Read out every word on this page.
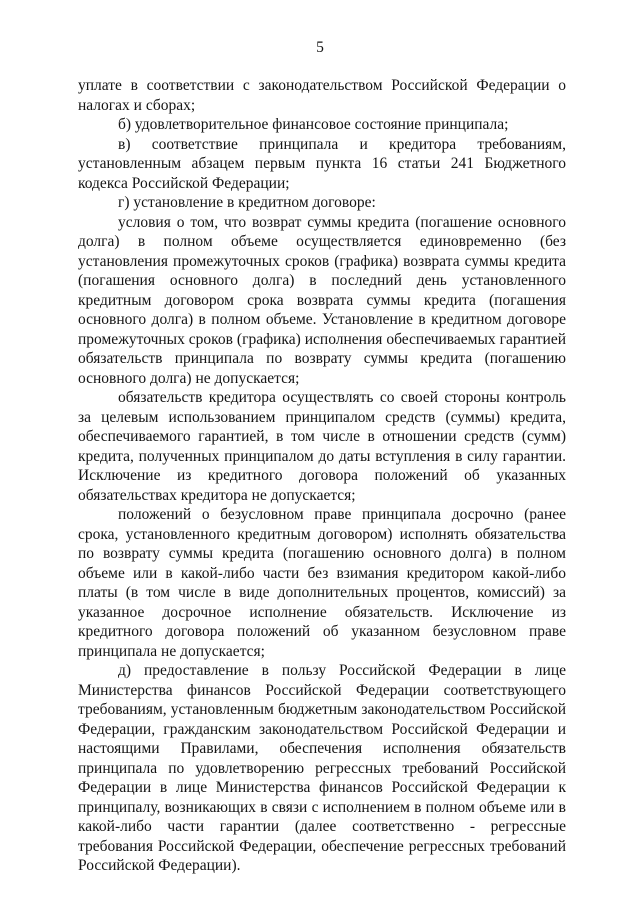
5

уплате в соответствии с законодательством Российской Федерации о налогах и сборах;

б) удовлетворительное финансовое состояние принципала;

в) соответствие принципала и кредитора требованиям, установленным абзацем первым пункта 16 статьи 241 Бюджетного кодекса Российской Федерации;

г) установление в кредитном договоре:

условия о том, что возврат суммы кредита (погашение основного долга) в полном объеме осуществляется единовременно (без установления промежуточных сроков (графика) возврата суммы кредита (погашения основного долга) в последний день установленного кредитным договором срока возврата суммы кредита (погашения основного долга) в полном объеме. Установление в кредитном договоре промежуточных сроков (графика) исполнения обеспечиваемых гарантией обязательств принципала по возврату суммы кредита (погашению основного долга) не допускается;

обязательств кредитора осуществлять со своей стороны контроль за целевым использованием принципалом средств (суммы) кредита, обеспечиваемого гарантией, в том числе в отношении средств (сумм) кредита, полученных принципалом до даты вступления в силу гарантии. Исключение из кредитного договора положений об указанных обязательствах кредитора не допускается;

положений о безусловном праве принципала досрочно (ранее срока, установленного кредитным договором) исполнять обязательства по возврату суммы кредита (погашению основного долга) в полном объеме или в какой-либо части без взимания кредитором какой-либо платы (в том числе в виде дополнительных процентов, комиссий) за указанное досрочное исполнение обязательств. Исключение из кредитного договора положений об указанном безусловном праве принципала не допускается;

д) предоставление в пользу Российской Федерации в лице Министерства финансов Российской Федерации соответствующего требованиям, установленным бюджетным законодательством Российской Федерации, гражданским законодательством Российской Федерации и настоящими Правилами, обеспечения исполнения обязательств принципала по удовлетворению регрессных требований Российской Федерации в лице Министерства финансов Российской Федерации к принципалу, возникающих в связи с исполнением в полном объеме или в какой-либо части гарантии (далее соответственно - регрессные требования Российской Федерации, обеспечение регрессных требований Российской Федерации).
